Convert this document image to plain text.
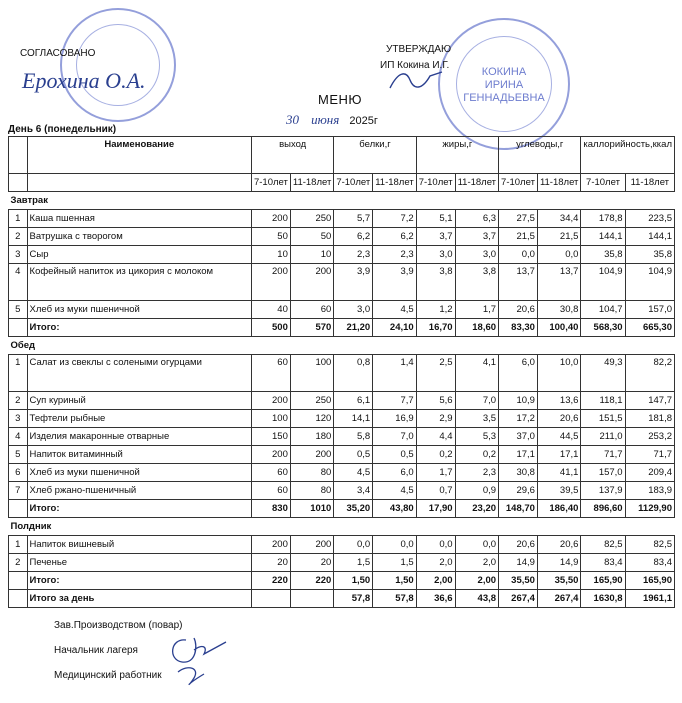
КОКИНА
ИРИНА
ГЕННАДЬЕВНА
СОГЛАСОВАНО
Ерохина О.А.
УТВЕРЖДАЮ
ИП Кокина И.Г.
МЕНЮ
30 июня 2025г
День 6 (понедельник)
	Наименование	выход		белки,г		жиры,г		углеводы,г		каллорийность,ккал	
		7-10лет	11-18лет	7-10лет	11-18лет	7-10лет	11-18лет	7-10лет	11-18лет	7-10лет	11-18лет
Завтрак											
1	Каша пшенная	200	250	5,7	7,2	5,1	6,3	27,5	34,4	178,8	223,5
2	Ватрушка с творогом	50	50	6,2	6,2	3,7	3,7	21,5	21,5	144,1	144,1
3	Сыр	10	10	2,3	2,3	3,0	3,0	0,0	0,0	35,8	35,8
4	Кофейный напиток из цикория с молоком	200	200	3,9	3,9	3,8	3,8	13,7	13,7	104,9	104,9
5	Хлеб из муки пшеничной	40	60	3,0	4,5	1,2	1,7	20,6	30,8	104,7	157,0
	Итого:	500	570	21,20	24,10	16,70	18,60	83,30	100,40	568,30	665,30
Обед											
1	Салат из свеклы с солеными огурцами	60	100	0,8	1,4	2,5	4,1	6,0	10,0	49,3	82,2
2	Суп куриный	200	250	6,1	7,7	5,6	7,0	10,9	13,6	118,1	147,7
3	Тефтели рыбные	100	120	14,1	16,9	2,9	3,5	17,2	20,6	151,5	181,8
4	Изделия макаронные отварные	150	180	5,8	7,0	4,4	5,3	37,0	44,5	211,0	253,2
5	Напиток витаминный	200	200	0,5	0,5	0,2	0,2	17,1	17,1	71,7	71,7
6	Хлеб из муки пшеничной	60	80	4,5	6,0	1,7	2,3	30,8	41,1	157,0	209,4
7	Хлеб ржано-пшеничный	60	80	3,4	4,5	0,7	0,9	29,6	39,5	137,9	183,9
	Итого:	830	1010	35,20	43,80	17,90	23,20	148,70	186,40	896,60	1129,90
Полдник											
1	Напиток вишневый	200	200	0,0	0,0	0,0	0,0	20,6	20,6	82,5	82,5
2	Печенье	20	20	1,5	1,5	2,0	2,0	14,9	14,9	83,4	83,4
	Итого:	220	220	1,50	1,50	2,00	2,00	35,50	35,50	165,90	165,90
	Итого за день			57,8	57,8	36,6	43,8	267,4	267,4	1630,8	1961,1
Зав.Производством (повар)
Начальник лагеря
Медицинский работник
